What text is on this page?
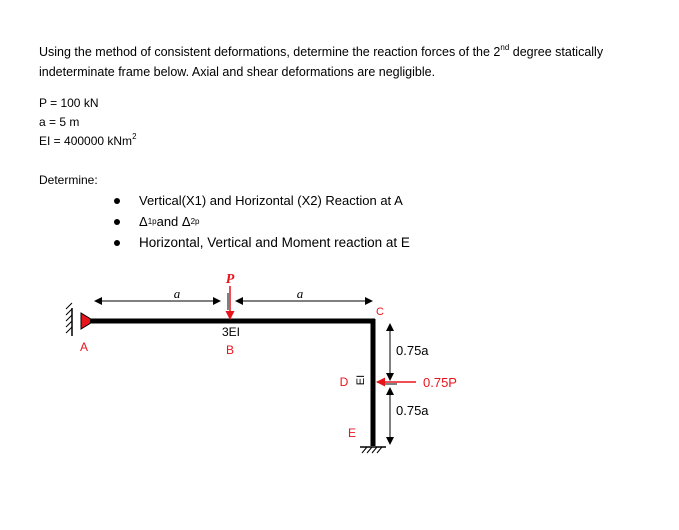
Using the method of consistent deformations, determine the reaction forces of the 2nd degree statically
indeterminate frame below. Axial and shear deformations are negligible.
P = 100 kN
a = 5 m
EI = 400000 kNm$^2$
Determine:
Vertical(X1) and Horizontal (X2) Reaction at A
Δ 1p and Δ 2p
Horizontal, Vertical and Moment reaction at E
P
a	a
3EI
B
A
C
D
E
EI
0.75a
0.75a
0.75P
